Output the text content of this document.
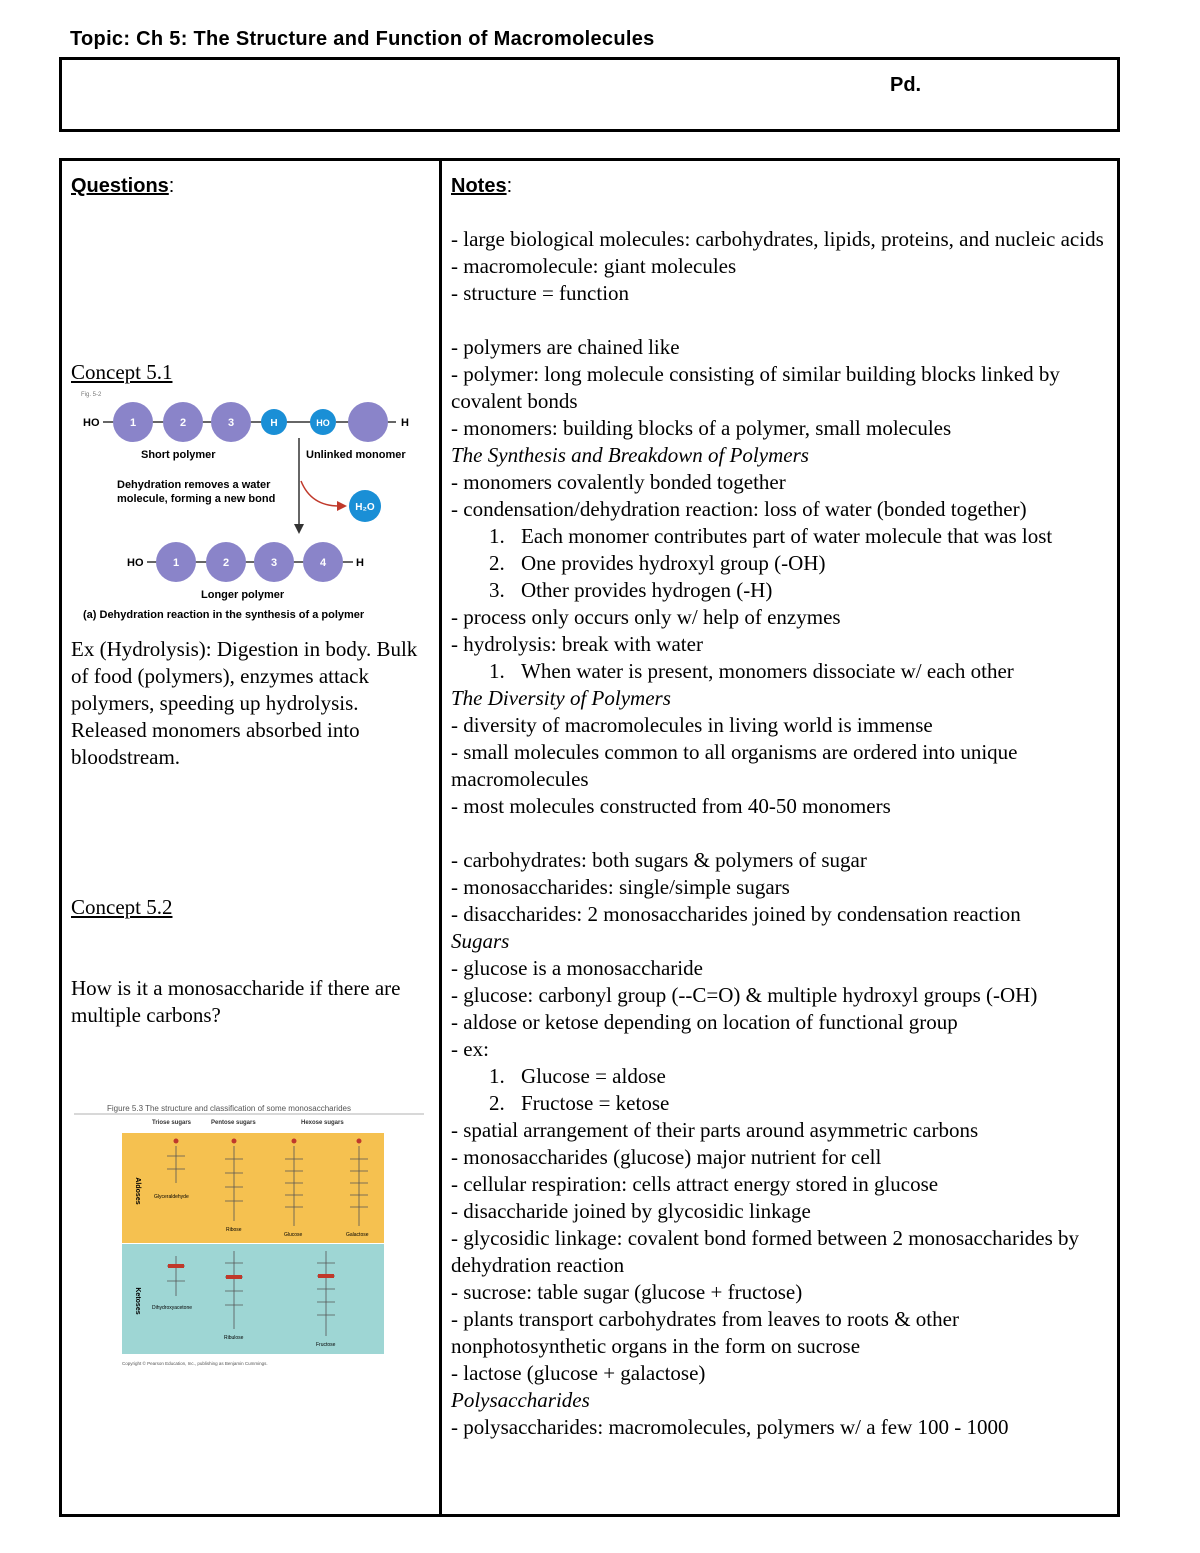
Topic: Ch 5: The Structure and Function of Macromolecules
Pd.
Questions:
Concept 5.1
Fig. 5-2
HO	1	2	3	H	HO	H
Short polymer	Unlinked monomer
Dehydration removes a water
molecule, forming a new bond
H₂O
HO	1	2	3	4	H
Longer polymer
(a) Dehydration reaction in the synthesis of a polymer
Ex (Hydrolysis): Digestion in body. Bulk of food (polymers), enzymes attack polymers, speeding up hydrolysis. Released monomers absorbed into bloodstream.
Concept 5.2
How is it a monosaccharide if there are multiple carbons?
Figure 5.3 The structure and classification of some monosaccharides
Triose sugars	Pentose sugars	Hexose sugars
Aldoses
Ketoses
Glyceraldehyde
Ribose
Glucose	Galactose
Dihydroxyacetone
Ribulose
Fructose
Copyright © Pearson Education, Inc., publishing as Benjamin Cummings.
Notes:
- large biological molecules: carbohydrates, lipids, proteins, and nucleic acids
- macromolecule: giant molecules
- structure = function
- polymers are chained like
- polymer: long molecule consisting of similar building blocks linked by covalent bonds
- monomers: building blocks of a polymer, small molecules
The Synthesis and Breakdown of Polymers
- monomers covalently bonded together
- condensation/dehydration reaction: loss of water (bonded together)
1. Each monomer contributes part of water molecule that was lost
2. One provides hydroxyl group (-OH)
3. Other provides hydrogen (-H)
- process only occurs only w/ help of enzymes
- hydrolysis: break with water
1. When water is present, monomers dissociate w/ each other
The Diversity of Polymers
- diversity of macromolecules in living world is immense
- small molecules common to all organisms are ordered into unique macromolecules
- most molecules constructed from 40-50 monomers
- carbohydrates: both sugars & polymers of sugar
- monosaccharides: single/simple sugars
- disaccharides: 2 monosaccharides joined by condensation reaction
Sugars
- glucose is a monosaccharide
- glucose: carbonyl group (--C=O) & multiple hydroxyl groups (-OH)
- aldose or ketose depending on location of functional group
- ex:
1. Glucose = aldose
2. Fructose = ketose
- spatial arrangement of their parts around asymmetric carbons
- monosaccharides (glucose) major nutrient for cell
- cellular respiration: cells attract energy stored in glucose
- disaccharide joined by glycosidic linkage
- glycosidic linkage: covalent bond formed between 2 monosaccharides by dehydration reaction
- sucrose: table sugar (glucose + fructose)
- plants transport carbohydrates from leaves to roots & other nonphotosynthetic organs in the form on sucrose
- lactose (glucose + galactose)
Polysaccharides
- polysaccharides: macromolecules, polymers w/ a few 100 - 1000
